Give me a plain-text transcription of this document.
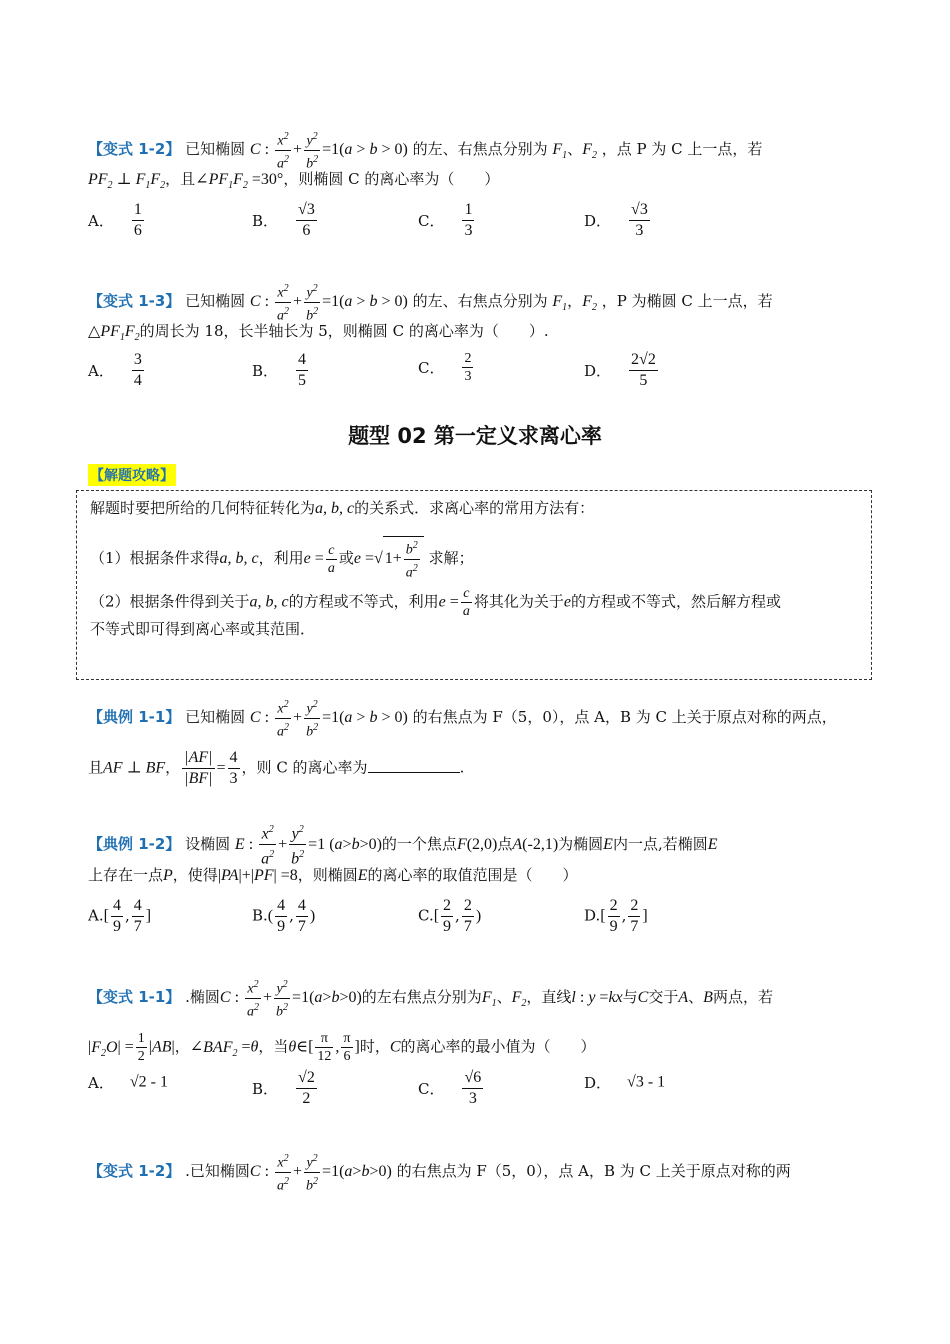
【变式 1-2】 已知椭圆 C : $\frac{x^2}{a^2} + \frac{y^2}{b^2} =1(a > b > 0)$ 的左、右焦点分别为 $F_1$、$F_2$ ，点 P 为 C 上一点，若
$PF_2$ ⊥ $F_1F_2$，且$\angle PF_1F_2 =30^\circ$，则椭圆 C 的离心率为（　　）
A． $\frac{1}{6}$	B． $\frac{√3}{6}$	C． $\frac{1}{3}$	D． $\frac{√3}{3}$
【变式 1-3】 已知椭圆 C : $\frac{x^2}{a^2} + \frac{y^2}{b^2} =1(a > b > 0)$ 的左、右焦点分别为 $F_1$，$F_2$ ，P 为椭圆 C 上一点，若
$\triangle PF_1F_2$的周长为 18，长半轴长为 5，则椭圆 C 的离心率为（　　）.
A． $\frac{3}{4}$	B． $\frac{4}{5}$	C． $\frac{2}{3}$	D． $\frac{2√2}{5}$
题型 02 第一定义求离心率
【解题攻略】
解题时要把所给的几何特征转化为a, b, c的关系式．求离心率的常用方法有：
（1）根据条件求得a, b, c，利用$e = \frac{c}{a}$ 或e =√ $1+ \frac{b^2}{a^2}$ 求解；
（2）根据条件得到关于a, b, c的方程或不等式，利用$e = \frac{c}{a}$ 将其化为关于e的方程或不等式，然后解方程或
不等式即可得到离心率或其范围．
【典例 1-1】 已知椭圆 C : $\frac{x^2}{a^2} + \frac{y^2}{b^2} =1(a > b > 0)$ 的右焦点为 F（5，0），点 A，B 为 C 上关于原点对称的两点，
且AF ⊥ BF， $\frac{|AF|}{|BF|} = \frac{4}{3}$ ，则 C 的离心率为	.
【典例 1-2】 设椭圆 E : $\frac{x^2}{a^2} + \frac{y^2}{b^2} =1$ (a>b>0)的一个焦点F(2,0)点A(-2,1)为椭圆E内一点,若椭圆E
上存在一点P，使得|PA|+|PF| =8，则椭圆E的离心率的取值范围是（　　）
$A.[ \frac{4}{9}$ , $\frac{4}{7}$ ]	$B.( \frac{4}{9}$ , $\frac{4}{7}$ )	$C.[ \frac{2}{9}$ , $\frac{2}{7}$ )	$D.[ \frac{2}{9}$ , $\frac{2}{7}$ ]
【变式 1-1】 .椭圆C : $\frac{x^2}{a^2} + \frac{y^2}{b^2} =1(a>b>0)$的左右焦点分别为$F_1$、$F_2$，直线l : y =kx与C交于A、B两点，若
$|F_2O| = \frac{1}{2} |AB|$，$\angle BAF_2 =\theta$，当θ∈[ $\frac{\pi}{12}$ , $\frac{\pi}{6}$ ]时，C的离心率的最小值为（　　）
A． √2 - 1	B． $\frac{√2}{2}$	C． $\frac{√6}{3}$	D． √3 - 1
【变式 1-2】 .已知椭圆C : $\frac{x^2}{a^2} + \frac{y^2}{b^2} =1(a>b>0)$ 的右焦点为 F（5，0），点 A，B 为 C 上关于原点对称的两
